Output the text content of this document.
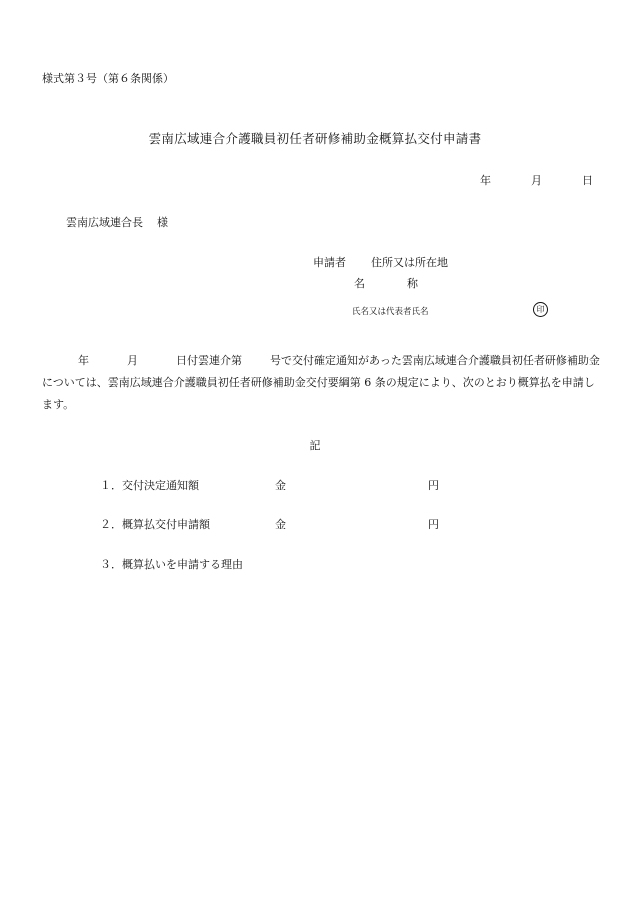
様式第３号（第６条関係）
雲南広域連合介護職員初任者研修補助金概算払交付申請書
年	月	日
雲南広域連合長 様
申請者 住所又は所在地
名	称
氏名又は代表者氏名	印
年	月	日付雲連介第	号で交付確定通知があった雲南広域連合介護職員初任者研修補助金については、雲南広域連合介護職員初任者研修補助金交付要綱第 6 条の規定により、次のとおり概算払を申請します。
記
１．交付決定通知額	金	円
２．概算払交付申請額	金	円
３．概算払いを申請する理由
